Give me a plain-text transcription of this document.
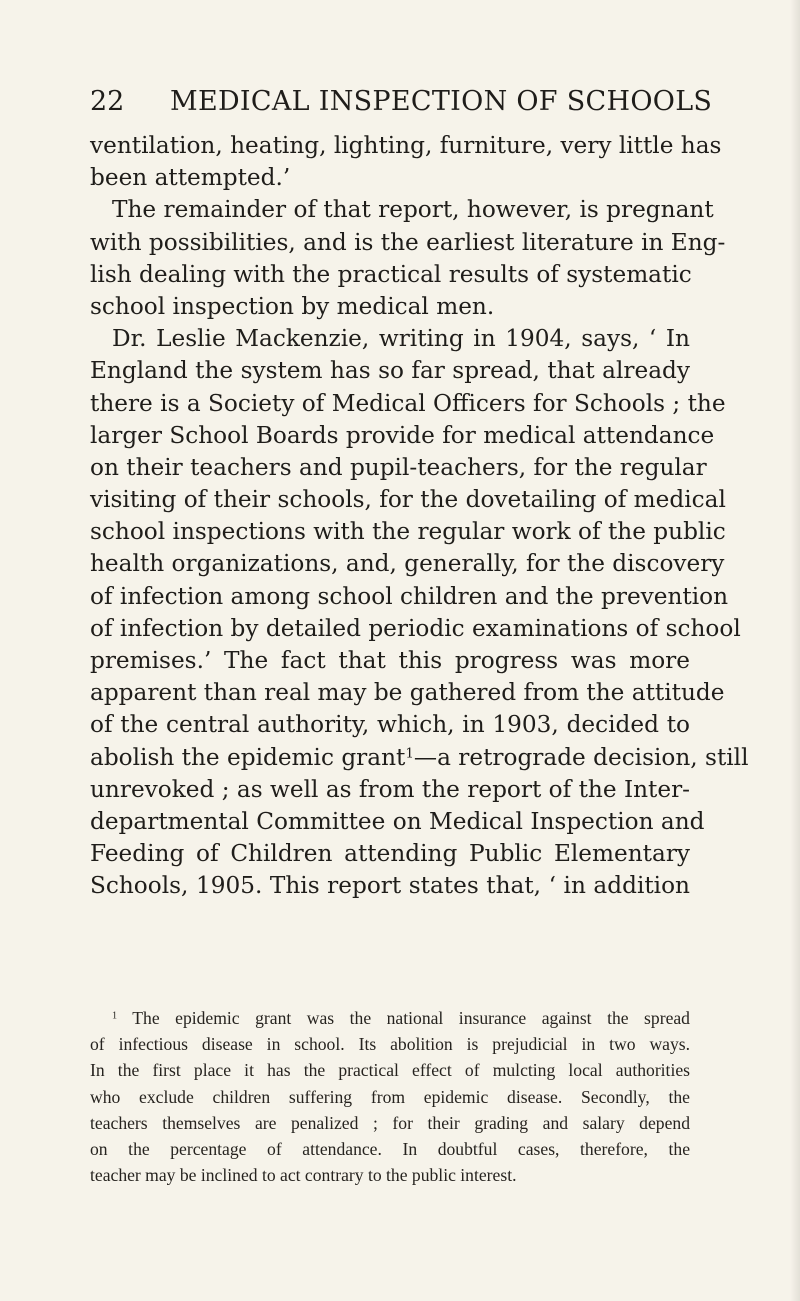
22 MEDICAL INSPECTION OF SCHOOLS
ventilation, heating, lighting, furniture, very little has
been attempted.’
The remainder of that report, however, is pregnant
with possibilities, and is the earliest literature in Eng-
lish dealing with the practical results of systematic
school inspection by medical men.
Dr. Leslie Mackenzie, writing in 1904, says, ‘ In
England the system has so far spread, that already
there is a Society of Medical Officers for Schools ; the
larger School Boards provide for medical attendance
on their teachers and pupil-teachers, for the regular
visiting of their schools, for the dovetailing of medical
school inspections with the regular work of the public
health organizations, and, generally, for the discovery
of infection among school children and the prevention
of infection by detailed periodic examinations of school
premises.’ The fact that this progress was more
apparent than real may be gathered from the attitude
of the central authority, which, in 1903, decided to
abolish the epidemic grant$^1$—a retrograde decision, still
unrevoked ; as well as from the report of the Inter-
departmental Committee on Medical Inspection and
Feeding of Children attending Public Elementary
Schools, 1905. This report states that, ‘ in addition
$^1$ The epidemic grant was the national insurance against the spread
of infectious disease in school. Its abolition is prejudicial in two ways.
In the first place it has the practical effect of mulcting local authorities
who exclude children suffering from epidemic disease. Secondly, the
teachers themselves are penalized ; for their grading and salary depend
on the percentage of attendance. In doubtful cases, therefore, the
teacher may be inclined to act contrary to the public interest.
